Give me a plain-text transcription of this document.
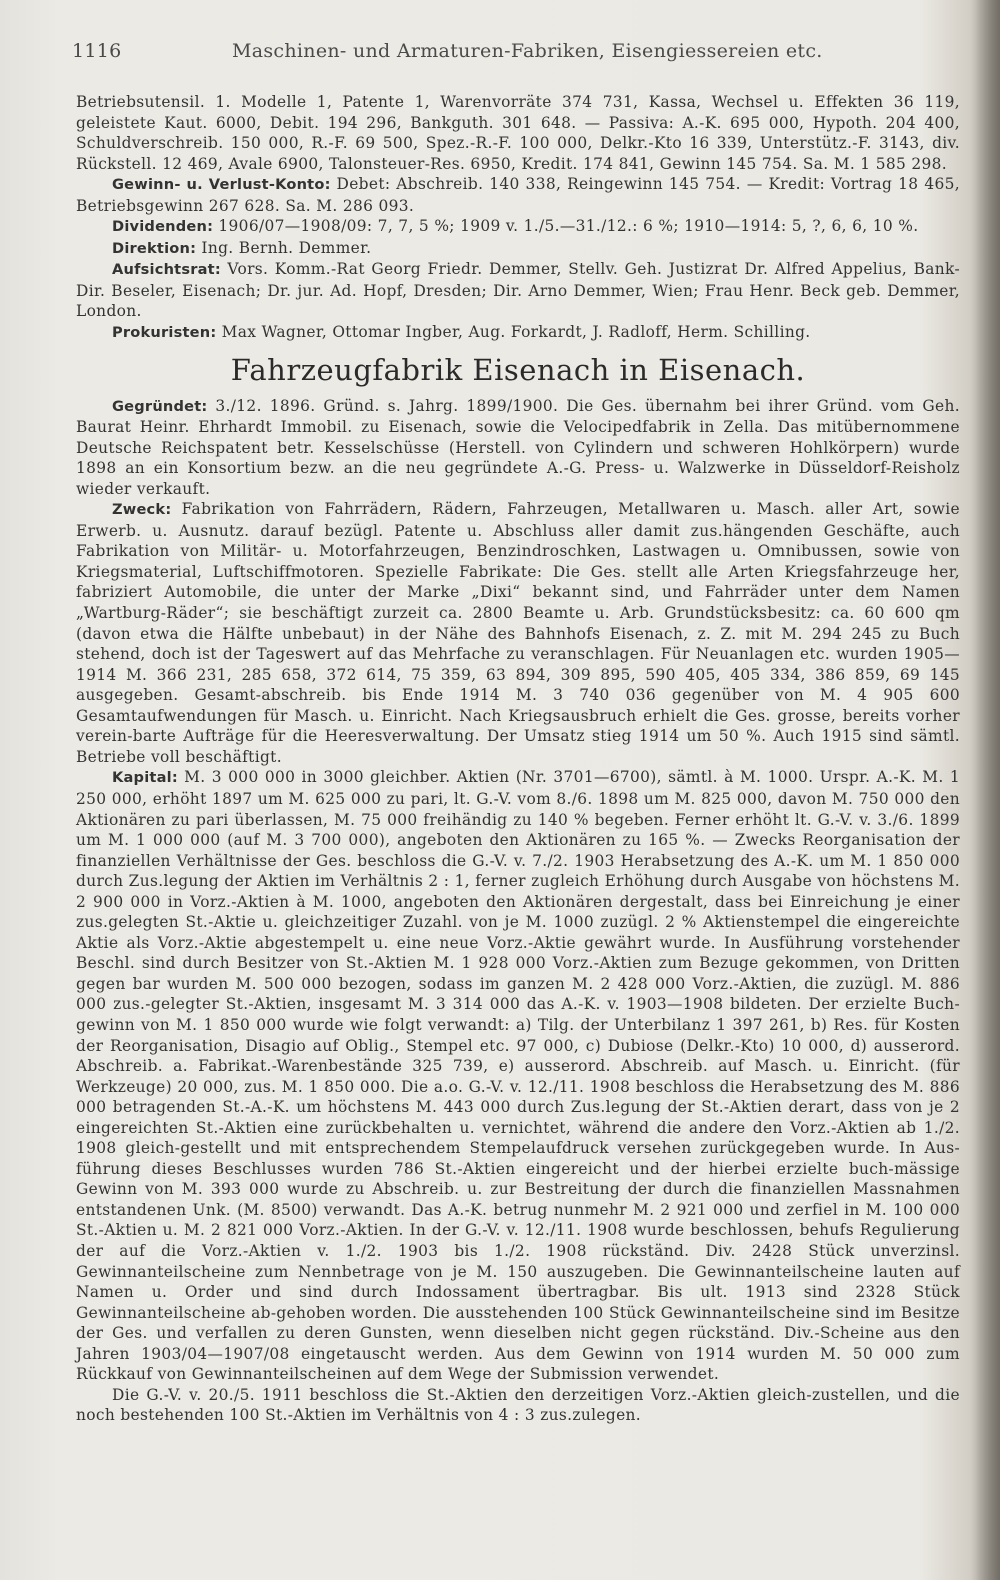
1116	Maschinen- und Armaturen-Fabriken, Eisengiessereien etc.

Betriebsutensil. 1. Modelle 1, Patente 1, Warenvorräte 374 731, Kassa, Wechsel u. Effekten 36 119, geleistete Kaut. 6000, Debit. 194 296, Bankguth. 301 648. — Passiva: A.-K. 695 000, Hypoth. 204 400, Schuldverschreib. 150 000, R.-F. 69 500, Spez.-R.-F. 100 000, Delkr.-Kto 16 339, Unterstütz.-F. 3143, div. Rückstell. 12 469, Avale 6900, Talonsteuer-Res. 6950, Kredit. 174 841, Gewinn 145 754. Sa. M. 1 585 298.

Gewinn- u. Verlust-Konto: Debet: Abschreib. 140 338, Reingewinn 145 754. — Kredit: Vortrag 18 465, Betriebsgewinn 267 628. Sa. M. 286 093.

Dividenden: 1906/07—1908/09: 7, 7, 5 %; 1909 v. 1./5.—31./12.: 6 %; 1910—1914: 5, ?, 6, 6, 10 %.

Direktion: Ing. Bernh. Demmer.

Aufsichtsrat: Vors. Komm.-Rat Georg Friedr. Demmer, Stellv. Geh. Justizrat Dr. Alfred Appelius, Bank-Dir. Beseler, Eisenach; Dr. jur. Ad. Hopf, Dresden; Dir. Arno Demmer, Wien; Frau Henr. Beck geb. Demmer, London.

Prokuristen: Max Wagner, Ottomar Ingber, Aug. Forkardt, J. Radloff, Herm. Schilling.

Fahrzeugfabrik Eisenach in Eisenach.

Gegründet: 3./12. 1896. Gründ. s. Jahrg. 1899/1900. Die Ges. übernahm bei ihrer Gründ. vom Geh. Baurat Heinr. Ehrhardt Immobil. zu Eisenach, sowie die Velocipedfabrik in Zella. Das mitübernommene Deutsche Reichspatent betr. Kesselschüsse (Herstell. von Cylindern und schweren Hohlkörpern) wurde 1898 an ein Konsortium bezw. an die neu gegründete A.-G. Press- u. Walzwerke in Düsseldorf-Reisholz wieder verkauft.

Zweck: Fabrikation von Fahrrädern, Rädern, Fahrzeugen, Metallwaren u. Masch. aller Art, sowie Erwerb. u. Ausnutz. darauf bezügl. Patente u. Abschluss aller damit zus.hängenden Geschäfte, auch Fabrikation von Militär- u. Motorfahrzeugen, Benzindroschken, Lastwagen u. Omnibussen, sowie von Kriegsmaterial, Luftschiffmotoren. Spezielle Fabrikate: Die Ges. stellt alle Arten Kriegsfahrzeuge her, fabriziert Automobile, die unter der Marke „Dixi“ bekannt sind, und Fahrräder unter dem Namen „Wartburg-Räder“; sie beschäftigt zurzeit ca. 2800 Beamte u. Arb. Grundstücksbesitz: ca. 60 600 qm (davon etwa die Hälfte unbebaut) in der Nähe des Bahnhofs Eisenach, z. Z. mit M. 294 245 zu Buch stehend, doch ist der Tageswert auf das Mehrfache zu veranschlagen. Für Neuanlagen etc. wurden 1905—1914 M. 366 231, 285 658, 372 614, 75 359, 63 894, 309 895, 590 405, 405 334, 386 859, 69 145 ausgegeben. Gesamt-abschreib. bis Ende 1914 M. 3 740 036 gegenüber von M. 4 905 600 Gesamtaufwendungen für Masch. u. Einricht. Nach Kriegsausbruch erhielt die Ges. grosse, bereits vorher verein-barte Aufträge für die Heeresverwaltung. Der Umsatz stieg 1914 um 50 %. Auch 1915 sind sämtl. Betriebe voll beschäftigt.

Kapital: M. 3 000 000 in 3000 gleichber. Aktien (Nr. 3701—6700), sämtl. à M. 1000. Urspr. A.-K. M. 1 250 000, erhöht 1897 um M. 625 000 zu pari, lt. G.-V. vom 8./6. 1898 um M. 825 000, davon M. 750 000 den Aktionären zu pari überlassen, M. 75 000 freihändig zu 140 % begeben. Ferner erhöht lt. G.-V. v. 3./6. 1899 um M. 1 000 000 (auf M. 3 700 000), angeboten den Aktionären zu 165 %. — Zwecks Reorganisation der finanziellen Verhältnisse der Ges. beschloss die G.-V. v. 7./2. 1903 Herabsetzung des A.-K. um M. 1 850 000 durch Zus.legung der Aktien im Verhältnis 2 : 1, ferner zugleich Erhöhung durch Ausgabe von höchstens M. 2 900 000 in Vorz.-Aktien à M. 1000, angeboten den Aktionären dergestalt, dass bei Einreichung je einer zus.gelegten St.-Aktie u. gleichzeitiger Zuzahl. von je M. 1000 zuzügl. 2 % Aktienstempel die eingereichte Aktie als Vorz.-Aktie abgestempelt u. eine neue Vorz.-Aktie gewährt wurde. In Ausführung vorstehender Beschl. sind durch Besitzer von St.-Aktien M. 1 928 000 Vorz.-Aktien zum Bezuge gekommen, von Dritten gegen bar wurden M. 500 000 bezogen, sodass im ganzen M. 2 428 000 Vorz.-Aktien, die zuzügl. M. 886 000 zus.-gelegter St.-Aktien, insgesamt M. 3 314 000 das A.-K. v. 1903—1908 bildeten. Der erzielte Buch-gewinn von M. 1 850 000 wurde wie folgt verwandt: a) Tilg. der Unterbilanz 1 397 261, b) Res. für Kosten der Reorganisation, Disagio auf Oblig., Stempel etc. 97 000, c) Dubiose (Delkr.-Kto) 10 000, d) ausserord. Abschreib. a. Fabrikat.-Warenbestände 325 739, e) ausserord. Abschreib. auf Masch. u. Einricht. (für Werkzeuge) 20 000, zus. M. 1 850 000. Die a.o. G.-V. v. 12./11. 1908 beschloss die Herabsetzung des M. 886 000 betragenden St.-A.-K. um höchstens M. 443 000 durch Zus.legung der St.-Aktien derart, dass von je 2 eingereichten St.-Aktien eine zurückbehalten u. vernichtet, während die andere den Vorz.-Aktien ab 1./2. 1908 gleich-gestellt und mit entsprechendem Stempelaufdruck versehen zurückgegeben wurde. In Aus-führung dieses Beschlusses wurden 786 St.-Aktien eingereicht und der hierbei erzielte buch-mässige Gewinn von M. 393 000 wurde zu Abschreib. u. zur Bestreitung der durch die finanziellen Massnahmen entstandenen Unk. (M. 8500) verwandt. Das A.-K. betrug nunmehr M. 2 921 000 und zerfiel in M. 100 000 St.-Aktien u. M. 2 821 000 Vorz.-Aktien. In der G.-V. v. 12./11. 1908 wurde beschlossen, behufs Regulierung der auf die Vorz.-Aktien v. 1./2. 1903 bis 1./2. 1908 rückständ. Div. 2428 Stück unverzinsl. Gewinnanteilscheine zum Nennbetrage von je M. 150 auszugeben. Die Gewinnanteilscheine lauten auf Namen u. Order und sind durch Indossament übertragbar. Bis ult. 1913 sind 2328 Stück Gewinnanteilscheine ab-gehoben worden. Die ausstehenden 100 Stück Gewinnanteilscheine sind im Besitze der Ges. und verfallen zu deren Gunsten, wenn dieselben nicht gegen rückständ. Div.-Scheine aus den Jahren 1903/04—1907/08 eingetauscht werden. Aus dem Gewinn von 1914 wurden M. 50 000 zum Rückkauf von Gewinnanteilscheinen auf dem Wege der Submission verwendet.

Die G.-V. v. 20./5. 1911 beschloss die St.-Aktien den derzeitigen Vorz.-Aktien gleich-zustellen, und die noch bestehenden 100 St.-Aktien im Verhältnis von 4 : 3 zus.zulegen.
